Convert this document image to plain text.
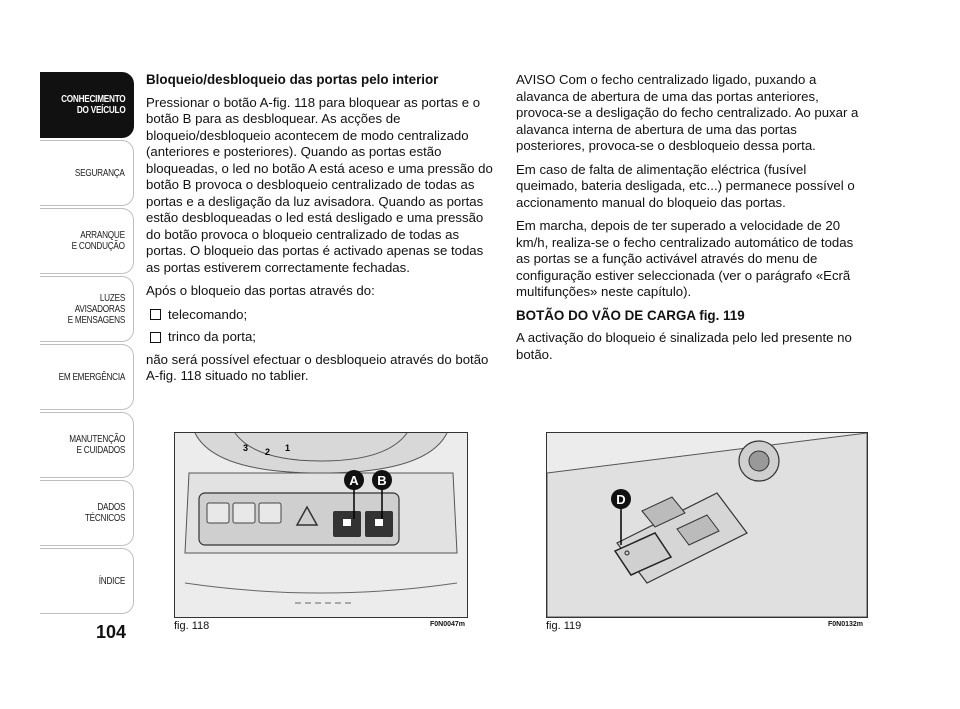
CONHECIMENTO
DO VEÍCULO
SEGURANÇA
ARRANQUE
E CONDUÇÃO
LUZES
AVISADORAS
E MENSAGENS
EM EMERGÊNCIA
MANUTENÇÃO
E CUIDADOS
DADOS
TÉCNICOS
ÍNDICE
104
Bloqueio/desbloqueio das portas pelo interior

Pressionar o botão A-fig. 118 para bloquear as portas e o botão B para as desbloquear. As acções de bloqueio/desbloqueio acontecem de modo centralizado (anteriores e posteriores). Quando as portas estão bloqueadas, o led no botão A está aceso e uma pressão do botão B provoca o desbloqueio centralizado de todas as portas e a desligação da luz avisadora. Quando as portas estão desbloqueadas o led está desligado e uma pressão do botão provoca o bloqueio centralizado de todas as portas. O bloqueio das portas é activado apenas se todas as portas estiverem correctamente fechadas.

Após o bloqueio das portas através do:

telecomando;
trinco da porta;

não será possível efectuar o desbloqueio através do botão A-fig. 118 situado no tablier.

AVISO Com o fecho centralizado ligado, puxando a alavanca de abertura de uma das portas anteriores, provoca-se a desligação do fecho centralizado. Ao puxar a alavanca interna de abertura de uma das portas posteriores, provoca-se o desbloqueio dessa porta.

Em caso de falta de alimentação eléctrica (fusível queimado, bateria desligada, etc...) permanece possível o accionamento manual do bloqueio das portas.

Em marcha, depois de ter superado a velocidade de 20 km/h, realiza-se o fecho centralizado automático de todas as portas se a função activável através do menu de configuração estiver seleccionada (ver o parágrafo «Ecrã multifunções» neste capítulo).

BOTÃO DO VÃO DE CARGA fig. 119

A activação do bloqueio é sinalizada pelo led presente no botão.

A B
3 2 1
fig. 118	F0N0047m
D
fig. 119	F0N0132m
